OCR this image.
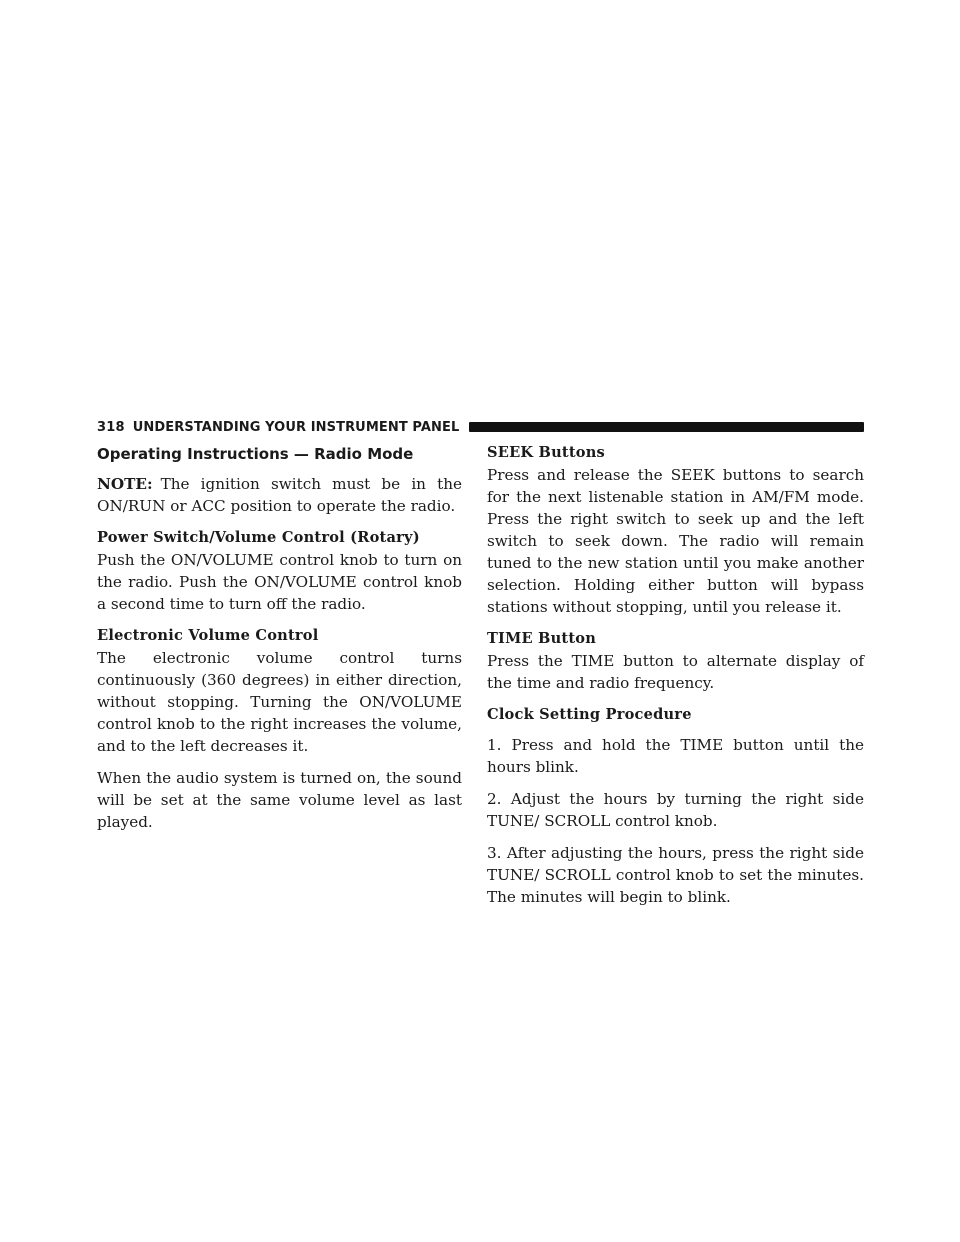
318 UNDERSTANDING YOUR INSTRUMENT PANEL
Operating Instructions — Radio Mode

NOTE: The ignition switch must be in the ON/RUN or ACC position to operate the radio.

Power Switch/Volume Control (Rotary)

Push the ON/VOLUME control knob to turn on the radio. Push the ON/VOLUME control knob a second time to turn off the radio.

Electronic Volume Control

The electronic volume control turns continuously (360 degrees) in either direction, without stopping. Turning the ON/VOLUME control knob to the right increases the volume, and to the left decreases it.

When the audio system is turned on, the sound will be set at the same volume level as last played.

SEEK Buttons

Press and release the SEEK buttons to search for the next listenable station in AM/FM mode. Press the right switch to seek up and the left switch to seek down. The radio will remain tuned to the new station until you make another selection. Holding either button will bypass stations without stopping, until you release it.

TIME Button

Press the TIME button to alternate display of the time and radio frequency.

Clock Setting Procedure

1. Press and hold the TIME button until the hours blink.

2. Adjust the hours by turning the right side TUNE/ SCROLL control knob.

3. After adjusting the hours, press the right side TUNE/ SCROLL control knob to set the minutes. The minutes will begin to blink.
